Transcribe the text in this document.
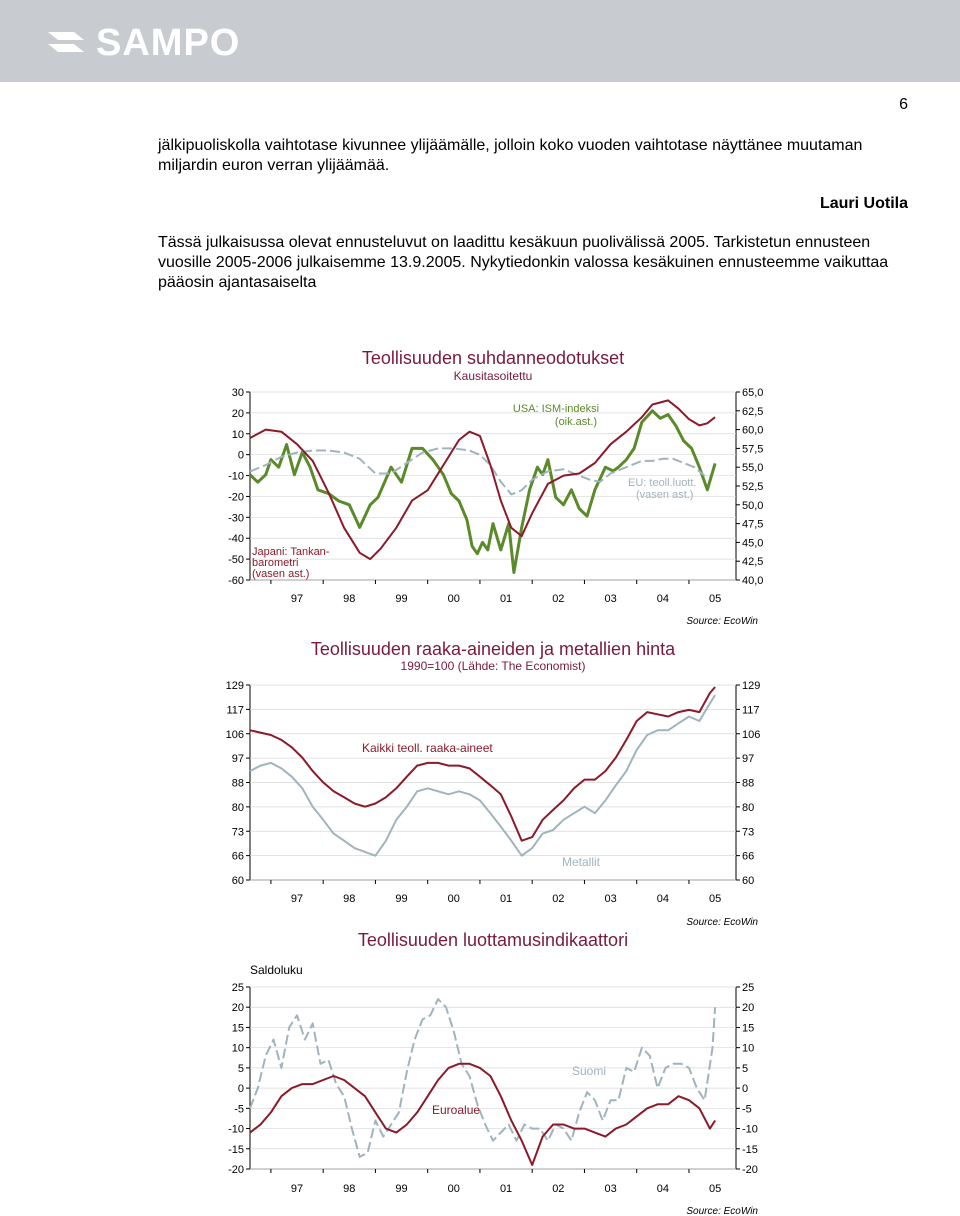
SAMPO
6
jälkipuoliskolla vaihtotase kivunnee ylijäämälle, jolloin koko vuoden vaihtotase näyttänee muutaman miljardin euron verran ylijäämää.
Lauri Uotila
Tässä julkaisussa olevat ennusteluvut on laadittu kesäkuun puolivälissä 2005. Tarkistetun ennusteen vuosille 2005-2006 julkaisemme 13.9.2005. Nykytiedonkin valossa kesäkuinen ennusteemme vaikuttaa pääosin ajantasaiselta
Teollisuuden suhdanneodotukset
Kausitasoitettu
30
20
10
0
-10
-20
-30
-40
-50
-60
65,0
62,5
60,0
57,5
55,0
52,5
50,0
47,5
45,0
42,5
40,0
97	98	99	00	01	02	03	04	05
Source: EcoWin
Teollisuuden raaka-aineiden ja metallien hinta
1990=100 (Lähde: The Economist)
129
117
106
97
88
80
73
66
60
129
117
106
97
88
80
73
66
60
97	98	99	00	01	02	03	04	05
Source: EcoWin
Teollisuuden luottamusindikaattori
Saldoluku
25
20
15
10
5
0
-5
-10
-15
-20
25
20
15
10
5
0
-5
-10
-15
-20
97	98	99	00	01	02	03	04	05
Source: EcoWin
USA: ISM-indeksi
(oik.ast.)
EU: teoll.luott.
(vasen ast.)
Japani: Tankan-
barometri
(vasen ast.)
Kaikki teoll. raaka-aineet
Metallit
Suomi
Euroalue
